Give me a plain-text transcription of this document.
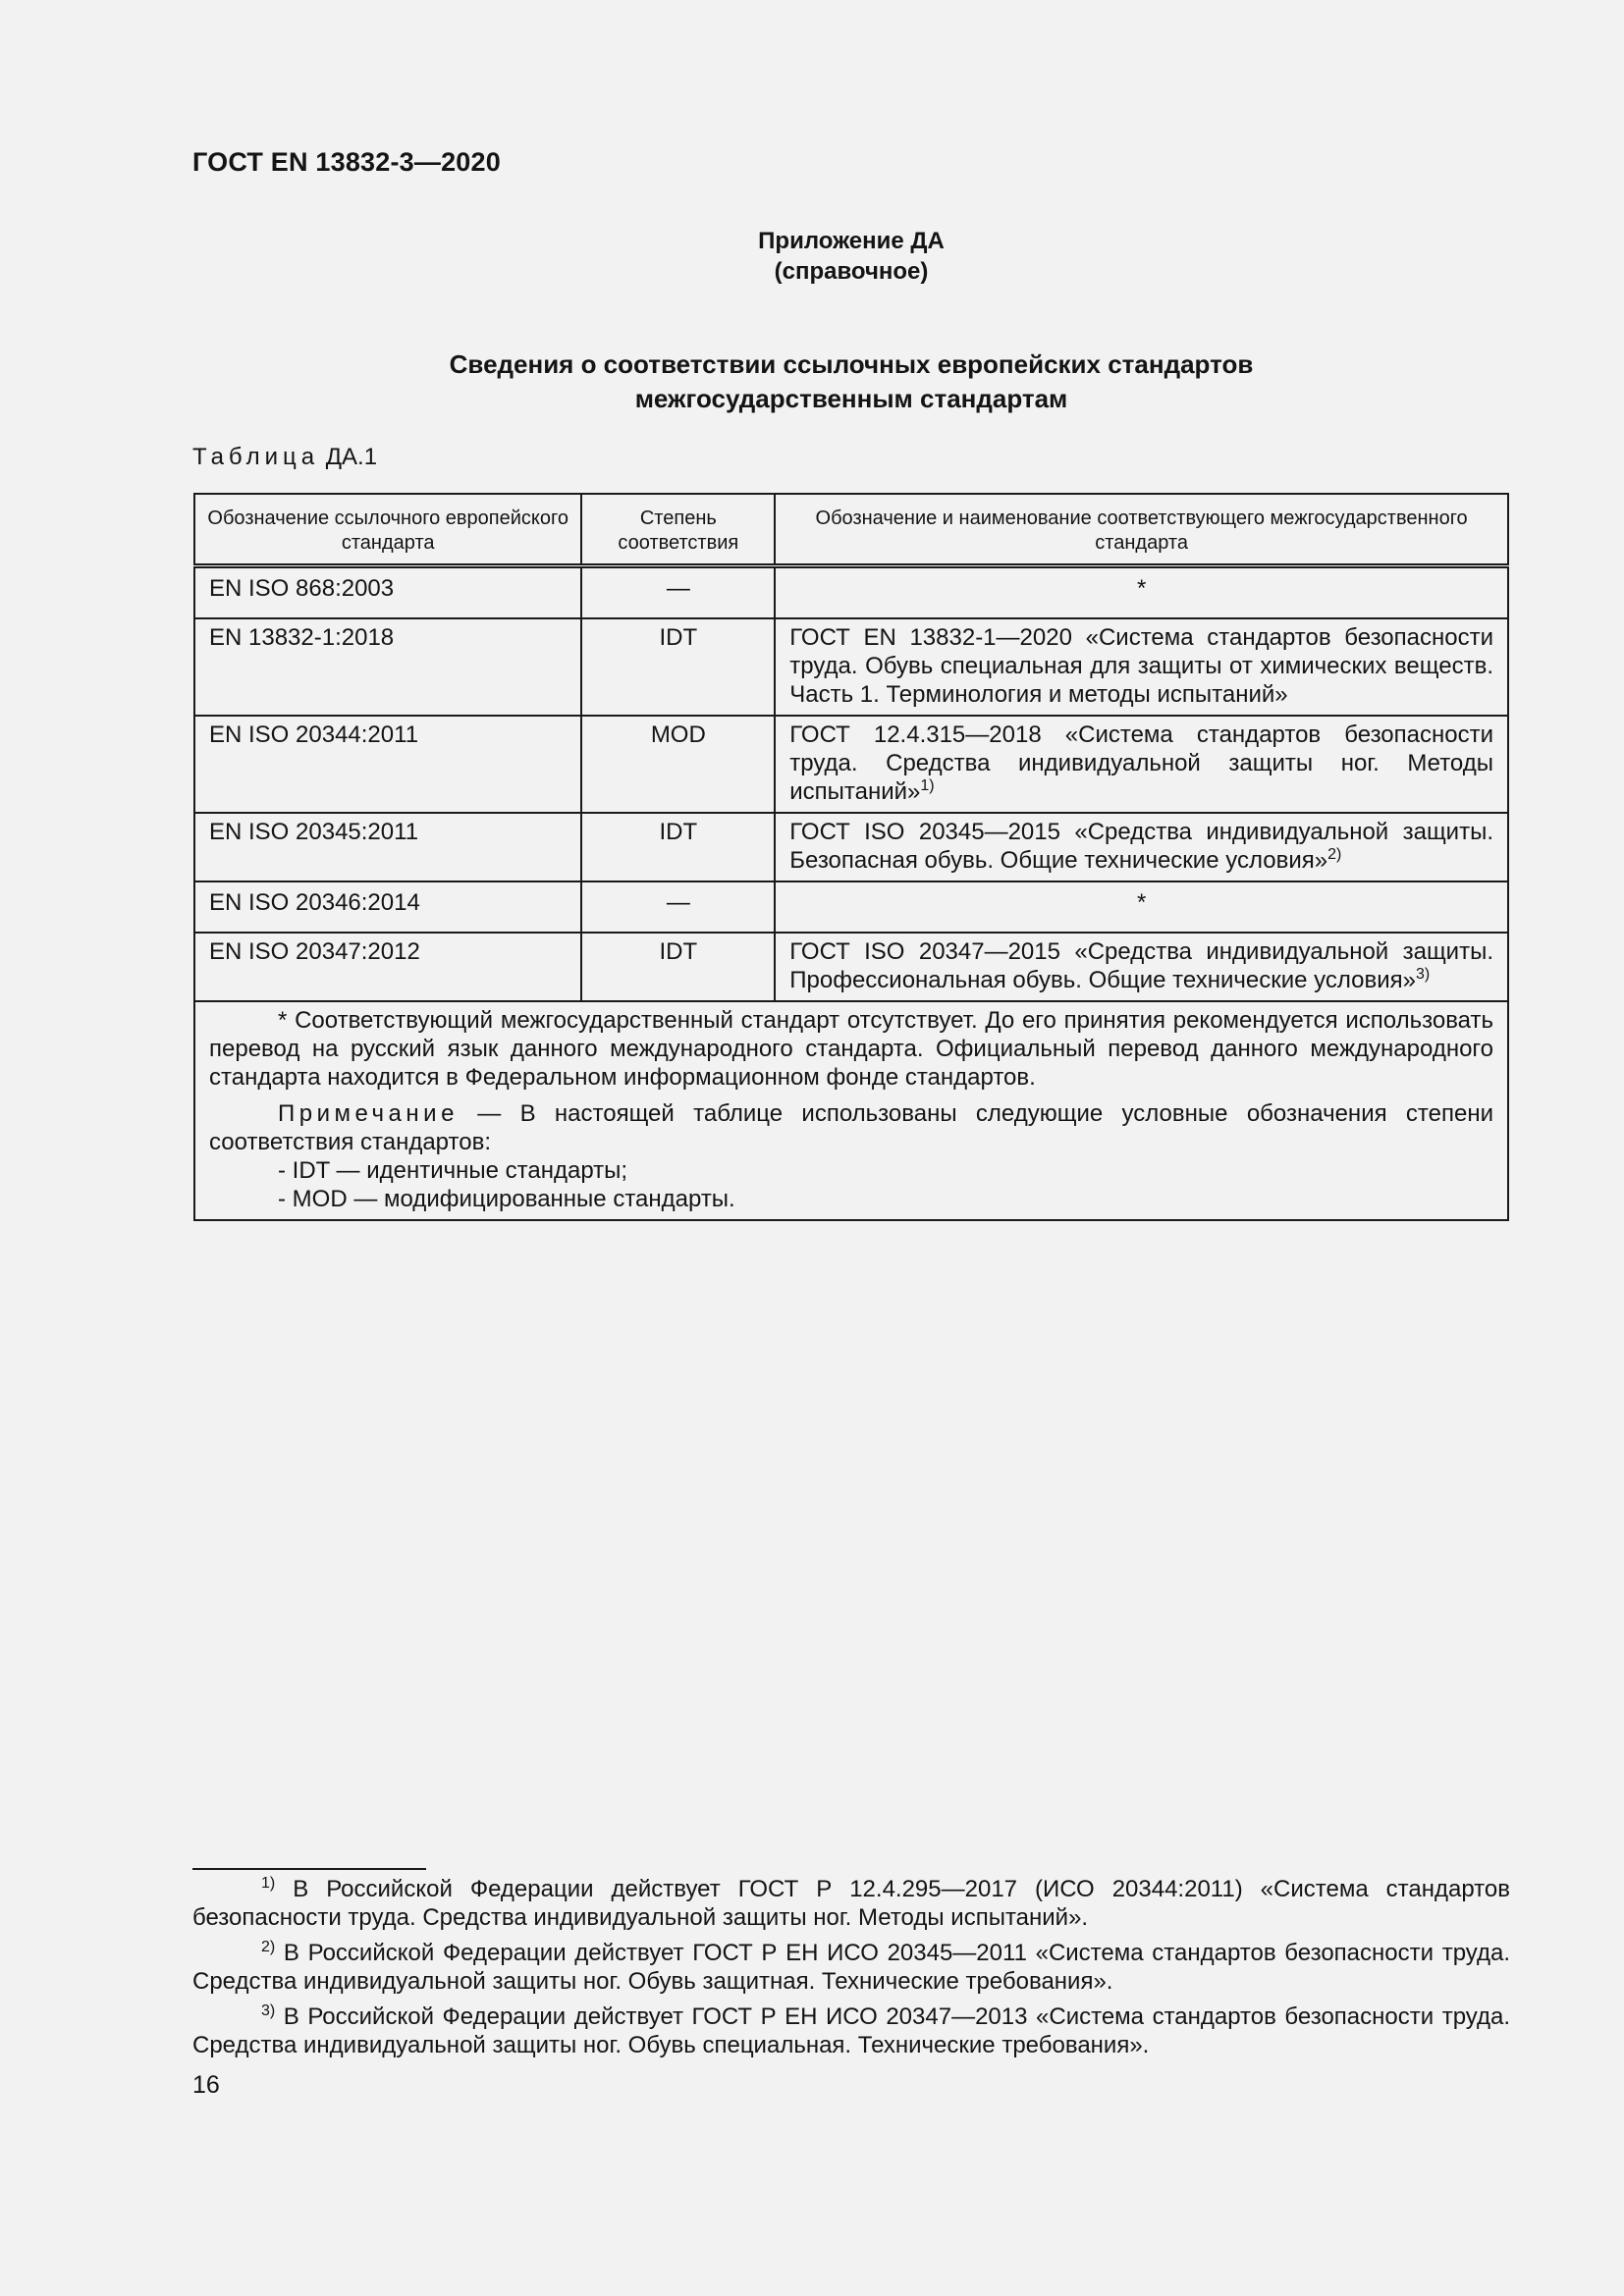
ГОСТ EN 13832-3—2020
Приложение ДА
(справочное)
Сведения о соответствии ссылочных европейских стандартов
межгосударственным стандартам
Таблица ДА.1
Обозначение ссылочного европейского стандарта	Степень соответствия	Обозначение и наименование соответствующего межгосударственного стандарта
EN ISO 868:2003	—	*
EN 13832-1:2018	IDT	ГОСТ EN 13832-1—2020 «Система стандартов безопасности труда. Обувь специальная для защиты от химических веществ. Часть 1. Терминология и методы испытаний»
EN ISO 20344:2011	MOD	ГОСТ 12.4.315—2018 «Система стандартов безопасности труда. Средства индивидуальной защиты ног. Методы испытаний»$^{1)}$
EN ISO 20345:2011	IDT	ГОСТ ISO 20345—2015 «Средства индивидуальной защиты. Безопасная обувь. Общие технические условия»$^{2)}$
EN ISO 20346:2014	—	*
EN ISO 20347:2012	IDT	ГОСТ ISO 20347—2015 «Средства индивидуальной защиты. Профессиональная обувь. Общие технические условия»$^{3)}$

* Соответствующий межгосударственный стандарт отсутствует. До его принятия рекомендуется использовать перевод на русский язык данного международного стандарта. Официальный перевод данного международного стандарта находится в Федеральном информационном фонде стандартов.

Примечание — В настоящей таблице использованы следующие условные обозначения степени соответствия стандартов:

- IDT — идентичные стандарты;
- MOD — модифицированные стандарты.		

$^{1)}$ В Российской Федерации действует ГОСТ Р 12.4.295—2017 (ИСО 20344:2011) «Система стандартов безопасности труда. Средства индивидуальной защиты ног. Методы испытаний».

$^{2)}$ В Российской Федерации действует ГОСТ Р ЕН ИСО 20345—2011 «Система стандартов безопасности труда. Средства индивидуальной защиты ног. Обувь защитная. Технические требования».

$^{3)}$ В Российской Федерации действует ГОСТ Р ЕН ИСО 20347—2013 «Система стандартов безопасности труда. Средства индивидуальной защиты ног. Обувь специальная. Технические требования».

16
